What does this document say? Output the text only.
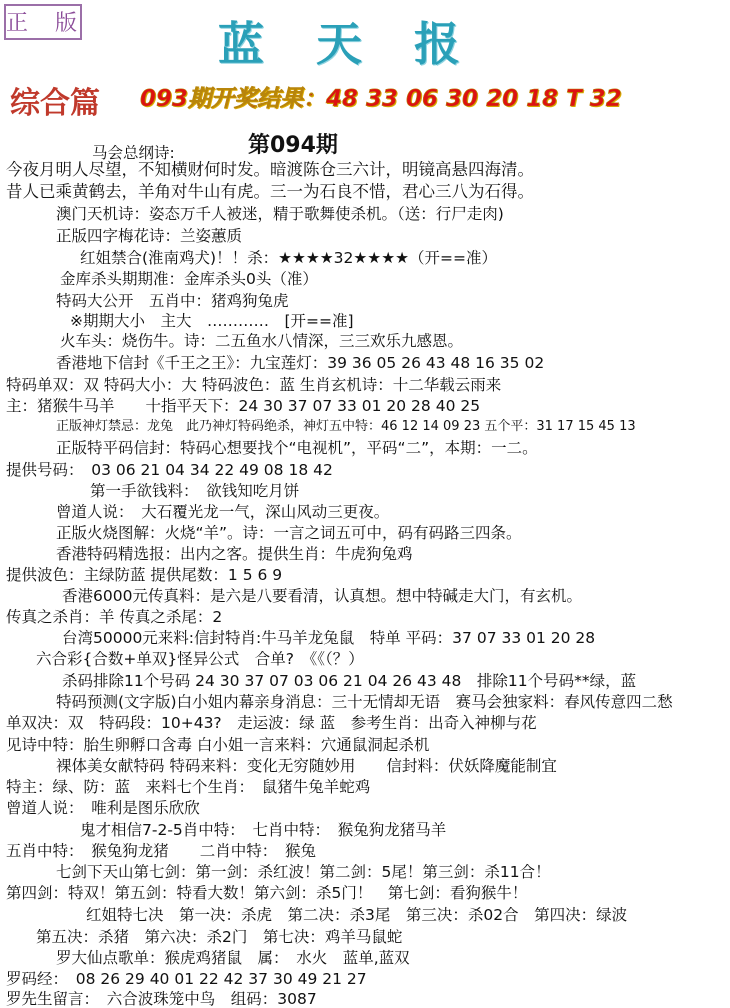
正 版	蓝天报
综合篇 093期开奖结果：48 33 06 30 20 18 T 32
第094期
马会总纲诗:
今夜月明人尽望，不知横财何时发。暗渡陈仓三六计，明镜高悬四海清。
昔人已乘黄鹤去，羊角对牛山有虎。三一为石良不惜，君心三八为石得。
澳门天机诗：姿态万千人被迷，精于歌舞使杀机。（送：行尸走肉)
正版四字梅花诗：兰姿蕙质
红姐禁合(淮南鸡犬)！！杀：★★★★32★★★★（开==准）
金库杀头期期准：金库杀头0头（准）
特码大公开　五肖中：猪鸡狗兔虎
※期期大小　主大　…………　[开==准]
火车头：烧伤牛。诗：二五鱼水八情深，三三欢乐九感恩。
香港地下信封《千王之王》：九宝莲灯：39 36 05 26 43 48 16 35 02
特码单双：双 特码大小：大 特码波色：蓝 生肖玄机诗：十二华载云雨来
主：猪猴牛马羊　　十指平天下：24 30 37 07 33 01 20 28 40 25
正版神灯禁忌：龙兔　此乃神灯特码绝杀，神灯五中特：46 12 14 09 23 五个平：31 17 15 45 13
正版特平码信封：特码心想要找个“电视机”，平码“二”，本期：一二。
提供号码：　03 06 21 04 34 22 49 08 18 42
第一手欲钱料：　欲钱知吃月饼
曾道人说：　大石覆光龙一气，深山风动三更夜。
正版火烧图解：火烧“羊”。诗：一言之词五可中，码有码路三四条。
香港特码精选报：出内之客。提供生肖：牛虎狗兔鸡
提供波色：主绿防蓝 提供尾数：1 5 6 9
香港6000元传真料：是六是八要看清，认真想。想中特碱走大门，有玄机。
传真之杀肖：羊 传真之杀尾：2
台湾50000元来料:信封特肖:牛马羊龙兔鼠　特单 平码：37 07 33 01 20 28
六合彩{合数+单双}怪异公式　合单?　《《（？）
杀码排除11个号码 24 30 37 07 03 06 21 04 26 43 48　排除11个号码**绿，蓝
特码预测(文字版)白小姐内幕亲身消息：三十无情却无语　赛马会独家料：春风传意四二愁
单双决：双　特码段：10+43?　走运波：绿 蓝　参考生肖：出奇入神柳与花
见诗中特：胎生卵孵口含毒 白小姐一言来料：穴通鼠洞起杀机
裸体美女献特码 特码来料：变化无穷随妙用　　信封料：伏妖降魔能制宜
特主：绿、防：蓝　来料七个生肖：　鼠猪牛兔羊蛇鸡
曾道人说：　唯利是图乐欣欣
鬼才相信7-2-5肖中特：　七肖中特：　猴兔狗龙猪马羊
五肖中特：　猴兔狗龙猪　　二肖中特：　猴兔
七剑下天山第七剑：第一剑：杀红波！第二剑：5尾！第三剑：杀11合！
第四剑：特双！第五剑：特看大数！第六剑：杀5门！　第七剑：看狗猴牛！
红姐特七决　第一决：杀虎　第二决：杀3尾　第三决：杀02合　第四决：绿波
第五决：杀猪　第六决：杀2门　第七决：鸡羊马鼠蛇
罗大仙点歌单：猴虎鸡猪鼠　属：　水火　蓝单,蓝双
罗码经：　08 26 29 40 01 22 42 37 30 49 21 27
罗先生留言：　六合波珠笼中鸟　组码：3087
